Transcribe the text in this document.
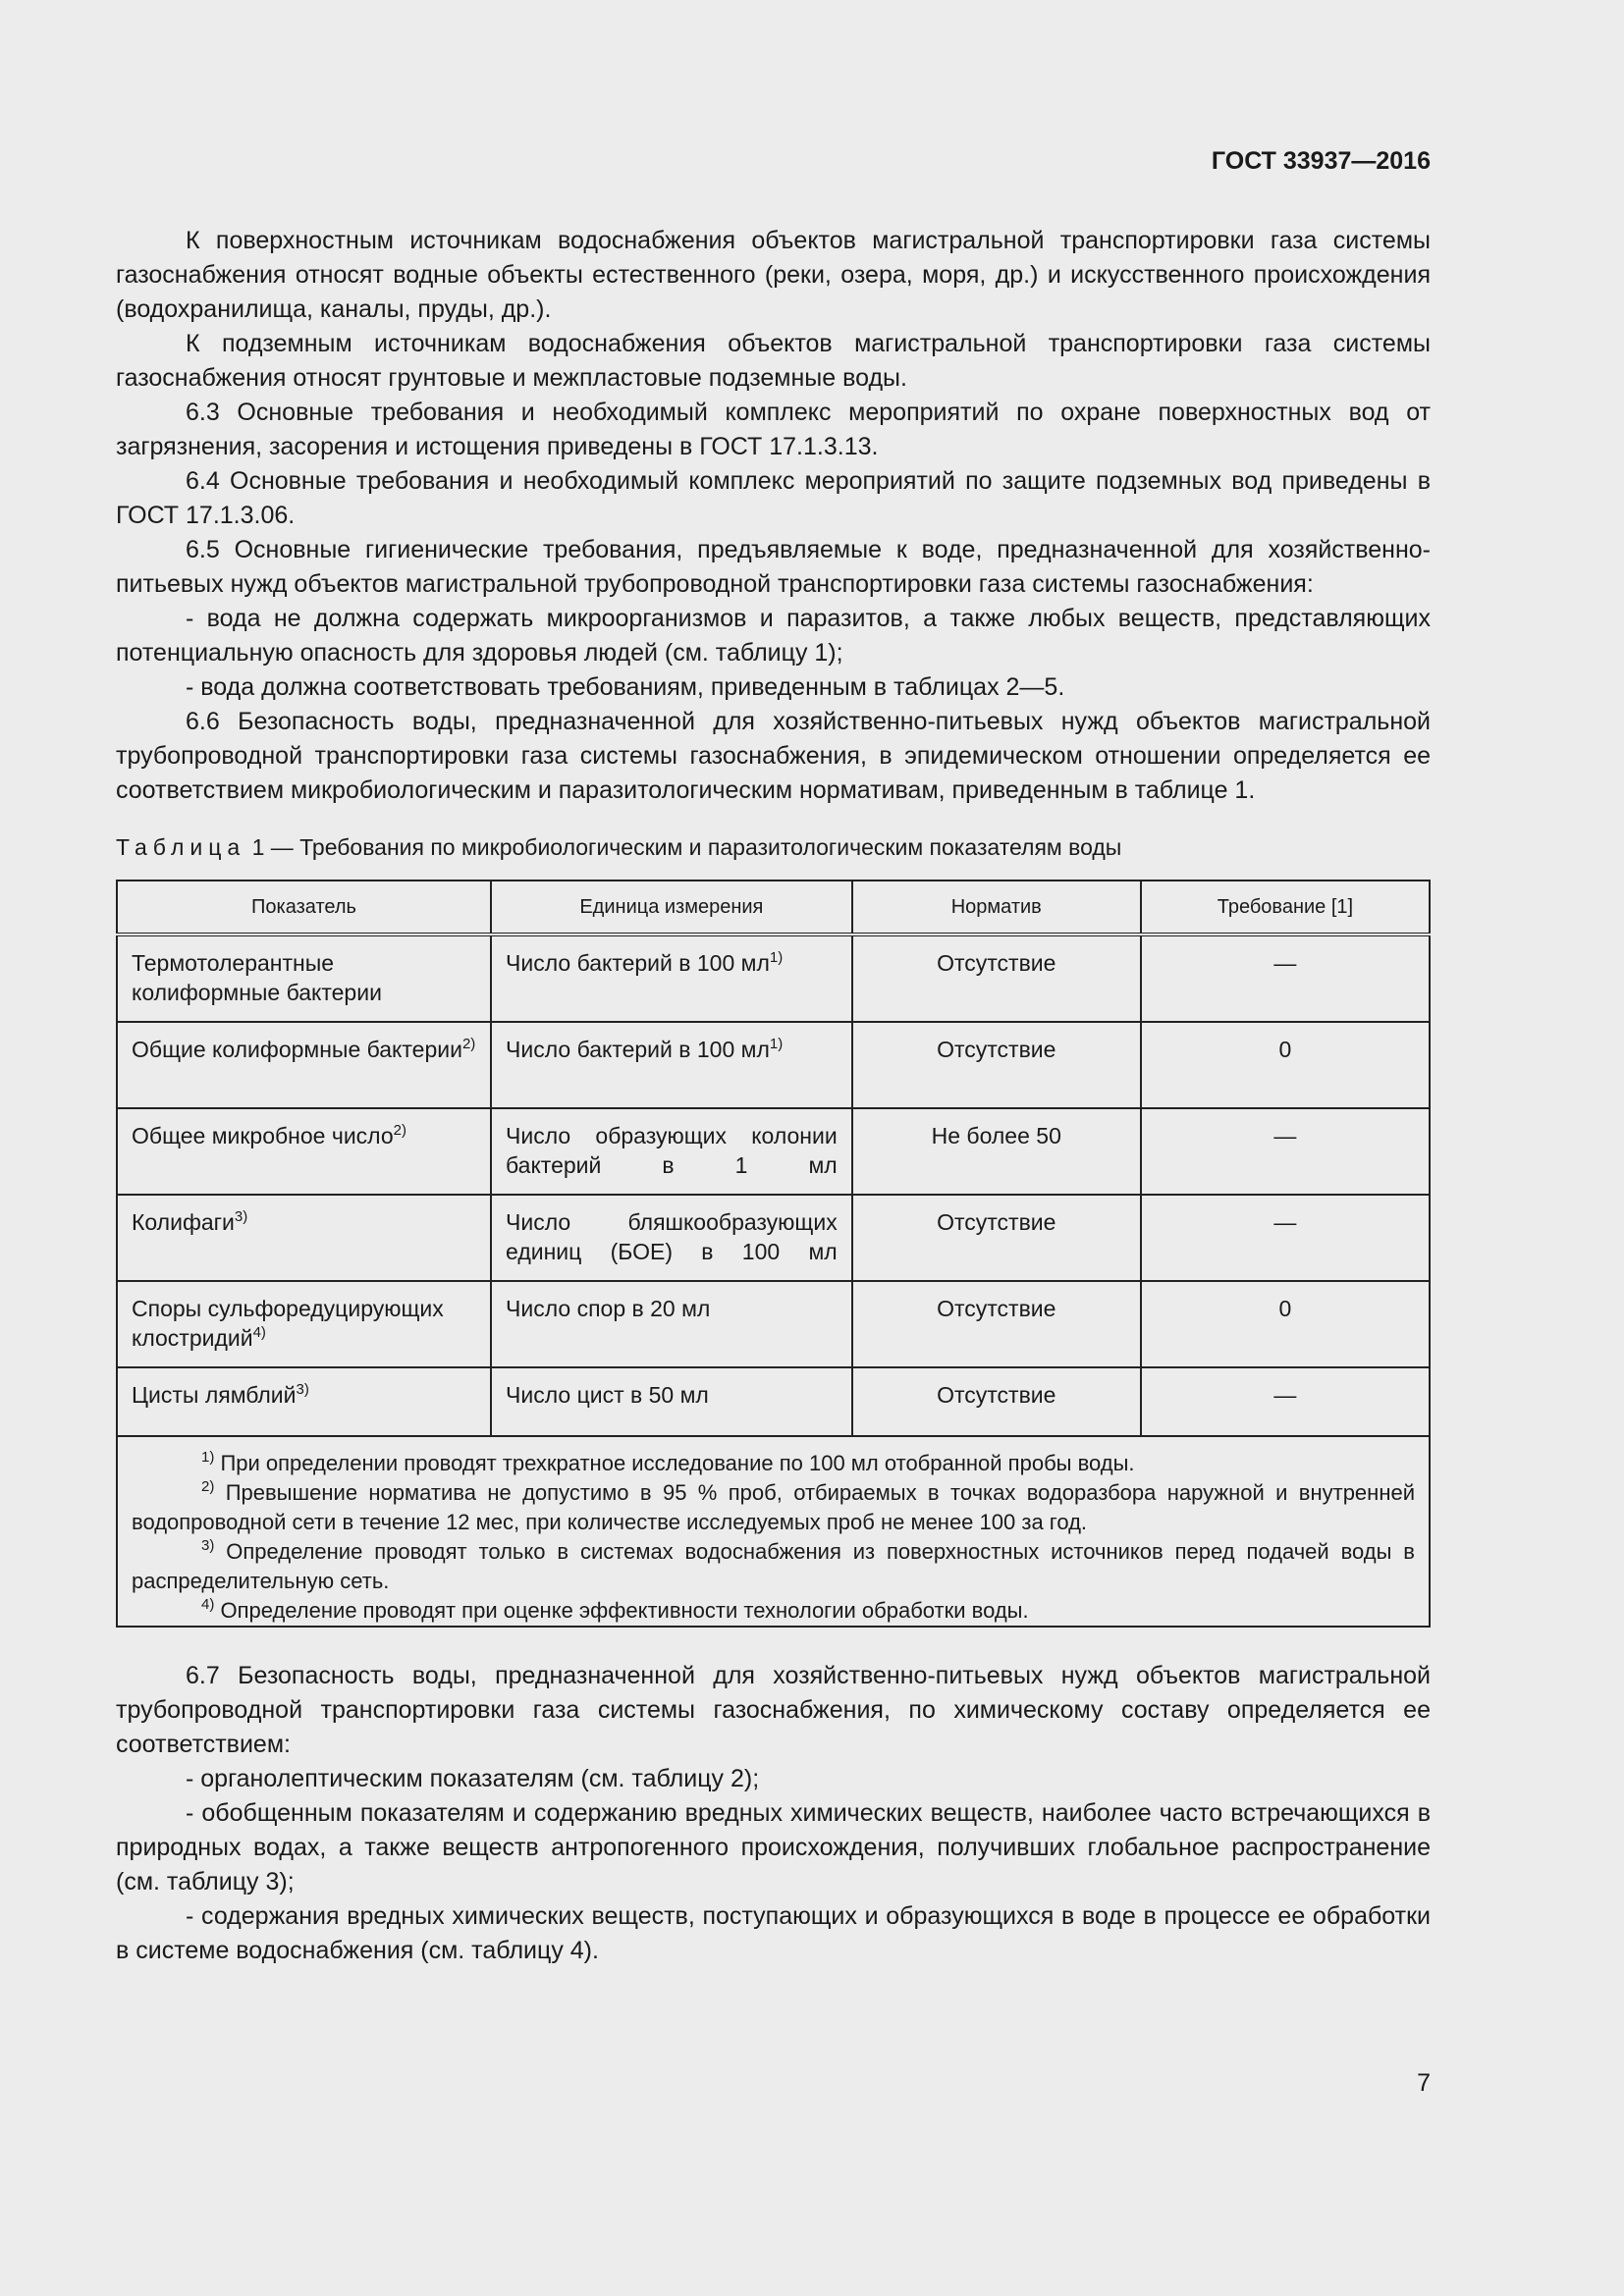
ГОСТ 33937—2016

К поверхностным источникам водоснабжения объектов магистральной транспортировки газа системы газоснабжения относят водные объекты естественного (реки, озера, моря, др.) и искусственного происхождения (водохранилища, каналы, пруды, др.).

К подземным источникам водоснабжения объектов магистральной транспортировки газа системы газоснабжения относят грунтовые и межпластовые подземные воды.

6.3 Основные требования и необходимый комплекс мероприятий по охране поверхностных вод от загрязнения, засорения и истощения приведены в ГОСТ 17.1.3.13.

6.4 Основные требования и необходимый комплекс мероприятий по защите подземных вод приведены в ГОСТ 17.1.3.06.

6.5 Основные гигиенические требования, предъявляемые к воде, предназначенной для хозяйственно-питьевых нужд объектов магистральной трубопроводной транспортировки газа системы газоснабжения:

- вода не должна содержать микроорганизмов и паразитов, а также любых веществ, представляющих потенциальную опасность для здоровья людей (см. таблицу 1);

- вода должна соответствовать требованиям, приведенным в таблицах 2—5.

6.6 Безопасность воды, предназначенной для хозяйственно-питьевых нужд объектов магистральной трубопроводной транспортировки газа системы газоснабжения, в эпидемическом отношении определяется ее соответствием микробиологическим и паразитологическим нормативам, приведенным в таблице 1.

Таблица 1 — Требования по микробиологическим и паразитологическим показателям воды
Показатель	Единица измерения	Норматив	Требование [1]
Термотолерантные колиформные бактерии	Число бактерий в 100 $мл^{1)}$	Отсутствие	—
Общие колиформные бактерии$^{2)}$	Число бактерий в 100 $мл^{1)}$	Отсутствие	0
Общее микробное число$^{2)}$	Число образующих колонии бактерий в 1 мл	Не более 50	—
Колифаги$^{3)}$	Число бляшкообразующих единиц (БОЕ) в 100 мл	Отсутствие	—
Споры сульфоредуцирующих клостридий$^{4)}$	Число спор в 20 мл	Отсутствие	0
Цисты лямблий$^{3)}$	Число цист в 50 мл	Отсутствие	—

$^{1)}$ При определении проводят трехкратное исследование по 100 мл отобранной пробы воды.

$^{2)}$ Превышение норматива не допустимо в 95 % проб, отбираемых в точках водоразбора наружной и внутренней водопроводной сети в течение 12 мес, при количестве исследуемых проб не менее 100 за год.

$^{3)}$ Определение проводят только в системах водоснабжения из поверхностных источников перед подачей воды в распределительную сеть.

$^{4)}$ Определение проводят при оценке эффективности технологии обработки воды.			

6.7 Безопасность воды, предназначенной для хозяйственно-питьевых нужд объектов магистральной трубопроводной транспортировки газа системы газоснабжения, по химическому составу определяется ее соответствием:

- органолептическим показателям (см. таблицу 2);

- обобщенным показателям и содержанию вредных химических веществ, наиболее часто встречающихся в природных водах, а также веществ антропогенного происхождения, получивших глобальное распространение (см. таблицу 3);

- содержания вредных химических веществ, поступающих и образующихся в воде в процессе ее обработки в системе водоснабжения (см. таблицу 4).

7
